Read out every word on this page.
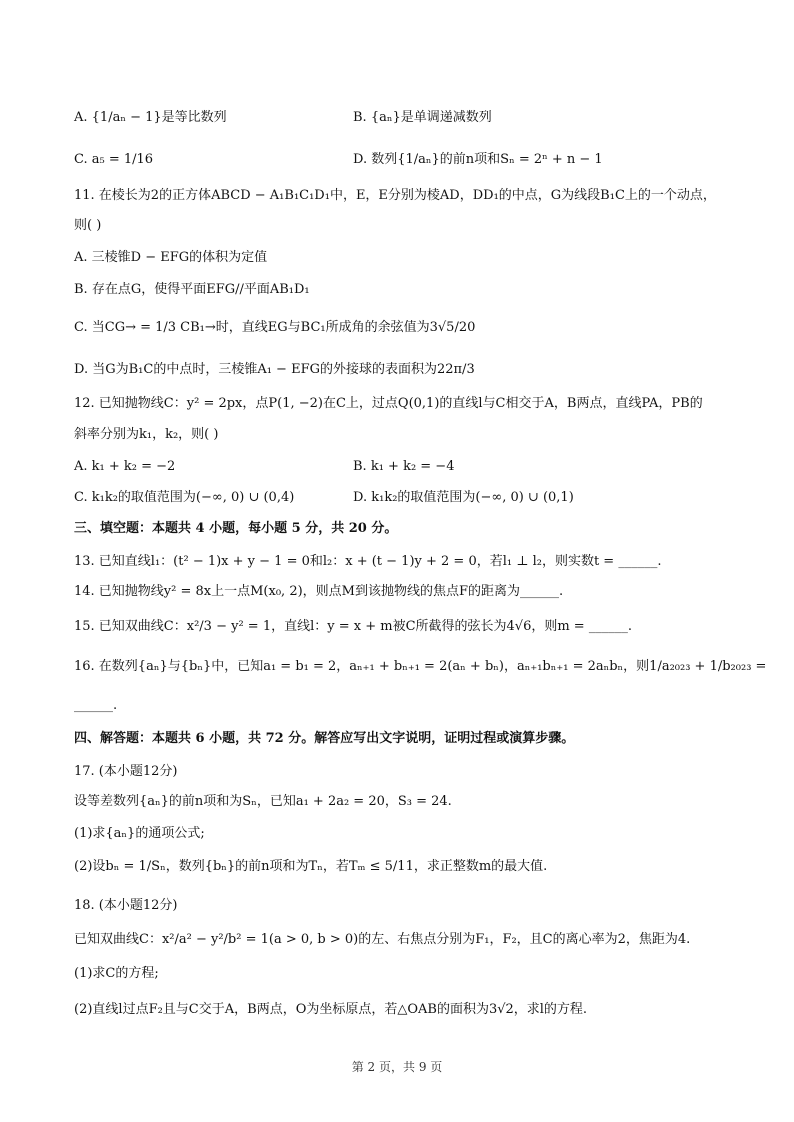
A. {1/aₙ − 1}是等比数列	B. {aₙ}是单调递减数列
C. a₅ = 1/16	D. 数列{1/aₙ}的前n项和Sₙ = 2ⁿ + n − 1
11. 在棱长为2的正方体ABCD − A₁B₁C₁D₁中，E，E分别为棱AD，DD₁的中点，G为线段B₁C上的一个动点，
则( )
A. 三棱锥D − EFG的体积为定值
B. 存在点G，使得平面EFG//平面AB₁D₁
C. 当CG→ = 1/3 CB₁→时，直线EG与BC₁所成角的余弦值为3√5/20
D. 当G为B₁C的中点时，三棱锥A₁ − EFG的外接球的表面积为22π/3
12. 已知抛物线C：y² = 2px，点P(1, −2)在C上，过点Q(0,1)的直线l与C相交于A，B两点，直线PA，PB的
斜率分别为k₁，k₂，则( )
A. k₁ + k₂ = −2	B. k₁ + k₂ = −4
C. k₁k₂的取值范围为(−∞, 0) ∪ (0,4)	D. k₁k₂的取值范围为(−∞, 0) ∪ (0,1)
三、填空题：本题共 4 小题，每小题 5 分，共 20 分。
13. 已知直线l₁：(t² − 1)x + y − 1 = 0和l₂：x + (t − 1)y + 2 = 0，若l₁ ⊥ l₂，则实数t = ______.
14. 已知抛物线y² = 8x上一点M(x₀, 2)，则点M到该抛物线的焦点F的距离为______.
15. 已知双曲线C：x²/3 − y² = 1，直线l：y = x + m被C所截得的弦长为4√6，则m = ______.
16. 在数列{aₙ}与{bₙ}中，已知a₁ = b₁ = 2，aₙ₊₁ + bₙ₊₁ = 2(aₙ + bₙ)，aₙ₊₁bₙ₊₁ = 2aₙbₙ，则1/a₂₀₂₃ + 1/b₂₀₂₃ =
______.
四、解答题：本题共 6 小题，共 72 分。解答应写出文字说明，证明过程或演算步骤。
17. (本小题12分)
设等差数列{aₙ}的前n项和为Sₙ，已知a₁ + 2a₂ = 20，S₃ = 24.
(1)求{aₙ}的通项公式;
(2)设bₙ = 1/Sₙ，数列{bₙ}的前n项和为Tₙ，若Tₘ ≤ 5/11，求正整数m的最大值.
18. (本小题12分)
已知双曲线C：x²/a² − y²/b² = 1(a > 0, b > 0)的左、右焦点分别为F₁，F₂，且C的离心率为2，焦距为4.
(1)求C的方程;
(2)直线l过点F₂且与C交于A，B两点，O为坐标原点，若△OAB的面积为3√2，求l的方程.
第 2 页，共 9 页
